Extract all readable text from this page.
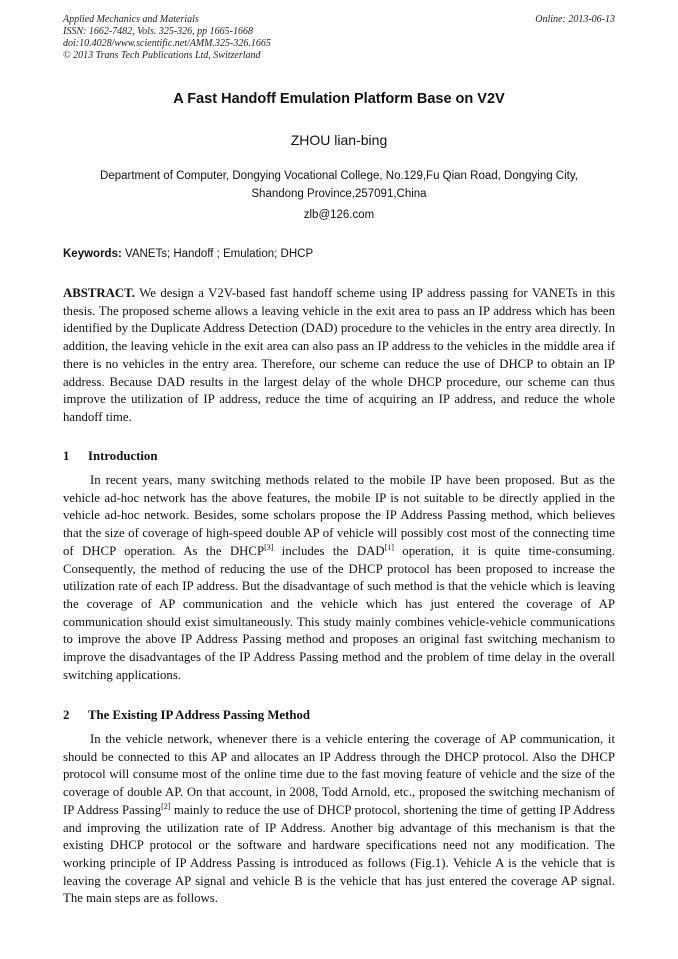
Applied Mechanics and Materials
ISSN: 1662-7482, Vols. 325-326, pp 1665-1668
doi:10.4028/www.scientific.net/AMM.325-326.1665
© 2013 Trans Tech Publications Ltd, Switzerland
Online: 2013-06-13
A Fast Handoff Emulation Platform Base on V2V
ZHOU lian-bing
Department of Computer, Dongying Vocational College, No.129,Fu Qian Road, Dongying City,
Shandong Province,257091,China
zlb@126.com
Keywords: VANETs; Handoff ; Emulation; DHCP
ABSTRACT. We design a V2V-based fast handoff scheme using IP address passing for VANETs in this thesis. The proposed scheme allows a leaving vehicle in the exit area to pass an IP address which has been identified by the Duplicate Address Detection (DAD) procedure to the vehicles in the entry area directly. In addition, the leaving vehicle in the exit area can also pass an IP address to the vehicles in the middle area if there is no vehicles in the entry area. Therefore, our scheme can reduce the use of DHCP to obtain an IP address. Because DAD results in the largest delay of the whole DHCP procedure, our scheme can thus improve the utilization of IP address, reduce the time of acquiring an IP address, and reduce the whole handoff time.
1 Introduction
In recent years, many switching methods related to the mobile IP have been proposed. But as the vehicle ad-hoc network has the above features, the mobile IP is not suitable to be directly applied in the vehicle ad-hoc network. Besides, some scholars propose the IP Address Passing method, which believes that the size of coverage of high-speed double AP of vehicle will possibly cost most of the connecting time of DHCP operation. As the DHCP[3] includes the DAD[1] operation, it is quite time-consuming. Consequently, the method of reducing the use of the DHCP protocol has been proposed to increase the utilization rate of each IP address. But the disadvantage of such method is that the vehicle which is leaving the coverage of AP communication and the vehicle which has just entered the coverage of AP communication should exist simultaneously. This study mainly combines vehicle-vehicle communications to improve the above IP Address Passing method and proposes an original fast switching mechanism to improve the disadvantages of the IP Address Passing method and the problem of time delay in the overall switching applications.
2 The Existing IP Address Passing Method
In the vehicle network, whenever there is a vehicle entering the coverage of AP communication, it should be connected to this AP and allocates an IP Address through the DHCP protocol. Also the DHCP protocol will consume most of the online time due to the fast moving feature of vehicle and the size of the coverage of double AP. On that account, in 2008, Todd Arnold, etc., proposed the switching mechanism of IP Address Passing[2] mainly to reduce the use of DHCP protocol, shortening the time of getting IP Address and improving the utilization rate of IP Address. Another big advantage of this mechanism is that the existing DHCP protocol or the software and hardware specifications need not any modification. The working principle of IP Address Passing is introduced as follows (Fig.1). Vehicle A is the vehicle that is leaving the coverage AP signal and vehicle B is the vehicle that has just entered the coverage AP signal. The main steps are as follows.
